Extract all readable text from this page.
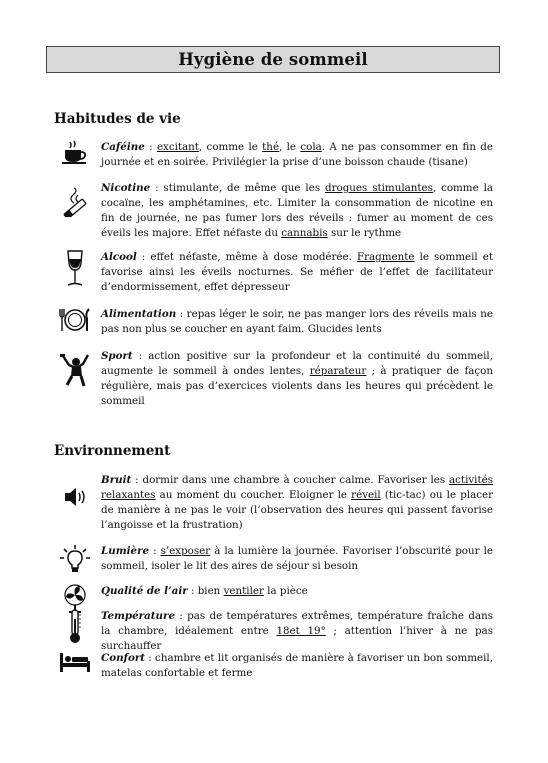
Hygiène de sommeil
Habitudes de vie
Caféine : excitant, comme le thé, le cola. A ne pas consommer en fin de journée et en soirée. Privilégier la prise d’une boisson chaude (tisane)
Nicotine : stimulante, de même que les drogues stimulantes, comme la cocaïne, les amphétamines, etc. Limiter la consommation de nicotine en fin de journée, ne pas fumer lors des réveils : fumer au moment de ces éveils les majore. Effet néfaste du cannabis sur le rythme
Alcool : effet néfaste, même à dose modérée. Fragmente le sommeil et favorise ainsi les éveils nocturnes. Se méfier de l’effet de facilitateur d’endormissement, effet dépresseur
Alimentation : repas léger le soir, ne pas manger lors des réveils mais ne pas non plus se coucher en ayant faim. Glucides lents
Sport : action positive sur la profondeur et la continuité du sommeil, augmente le sommeil à ondes lentes, réparateur ; à pratiquer de façon régulière, mais pas d’exercices violents dans les heures qui précèdent le sommeil
Environnement
Bruit : dormir dans une chambre à coucher calme. Favoriser les activités relaxantes au moment du coucher. Eloigner le réveil (tic-tac) ou le placer de manière à ne pas le voir (l’observation des heures qui passent favorise l’angoisse et la frustration)
Lumière : s’exposer à la lumière la journée. Favoriser l’obscurité pour le sommeil, isoler le lit des aires de séjour si besoin
Qualité de l’air : bien ventiler la pièce
Température : pas de températures extrêmes, température fraîche dans la chambre, idéalement entre 18et 19° ; attention l’hiver à ne pas surchauffer
Confort : chambre et lit organisés de manière à favoriser un bon sommeil, matelas confortable et ferme
